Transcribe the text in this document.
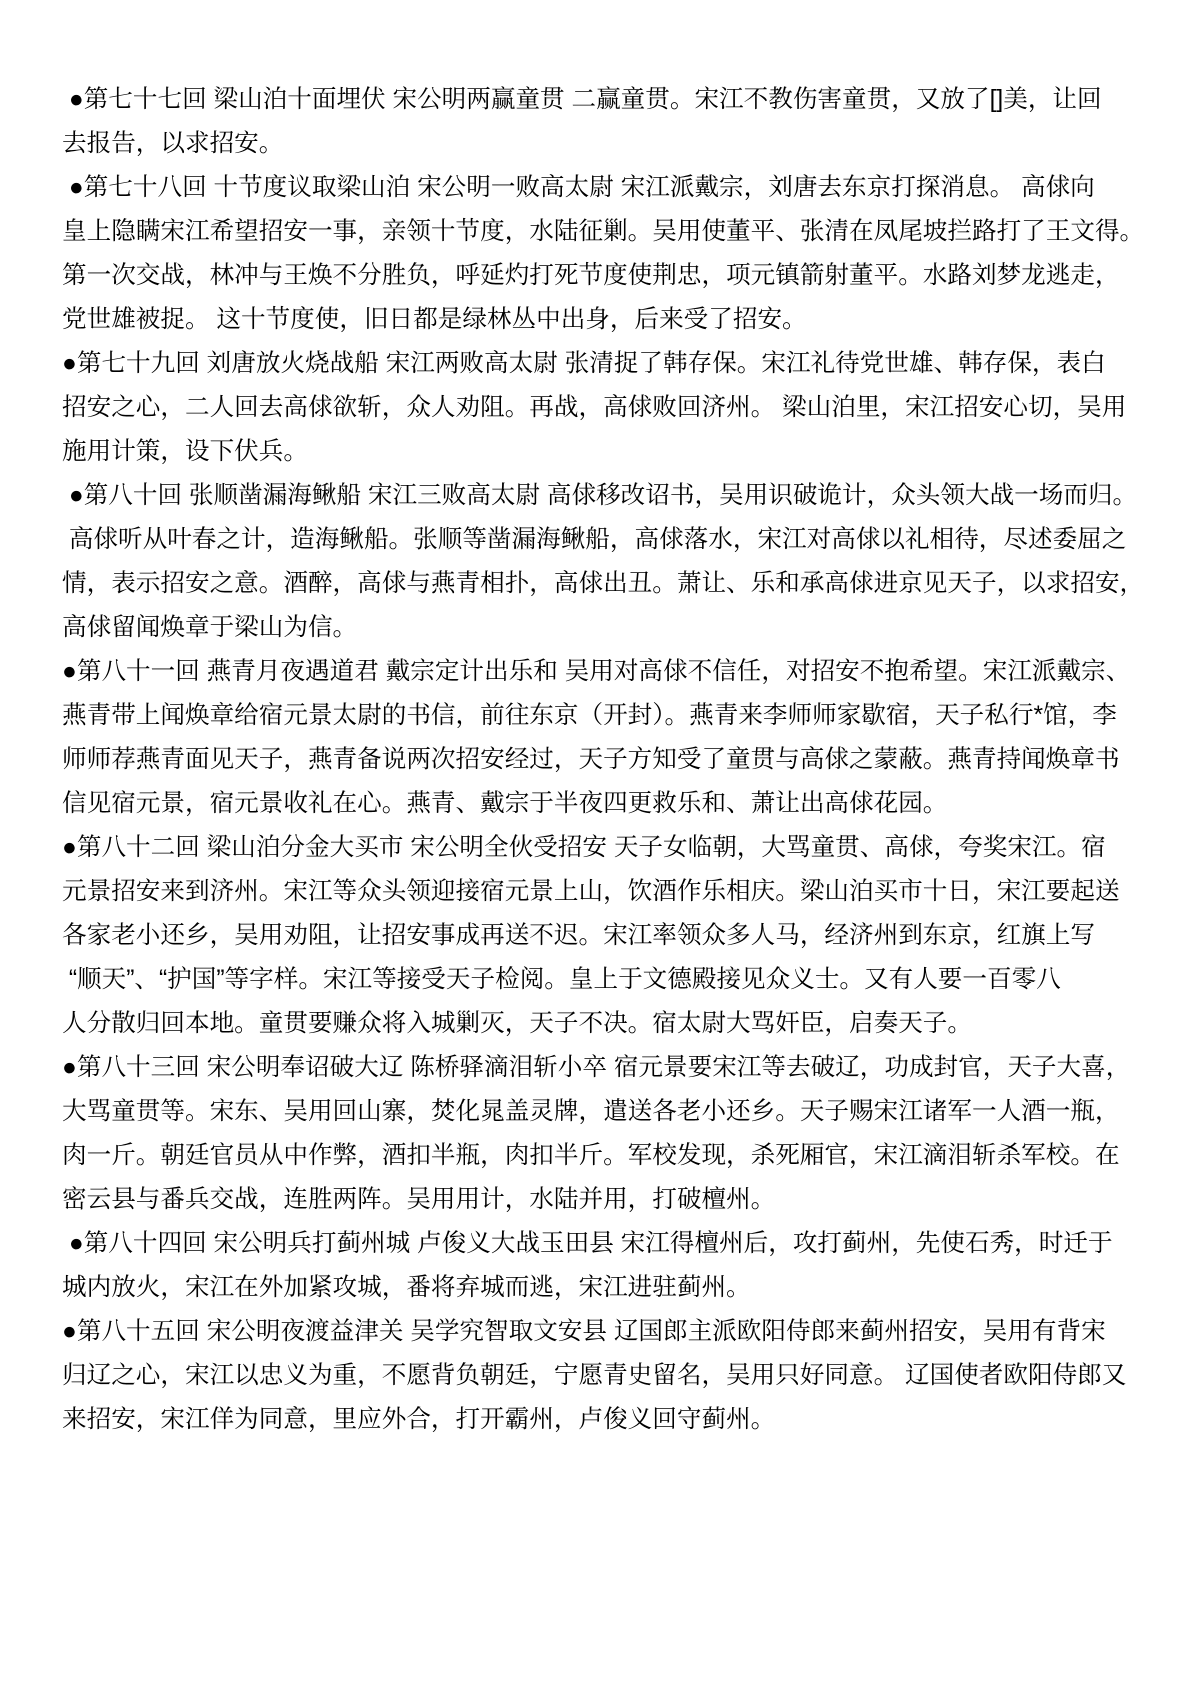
●第七十七回 梁山泊十面埋伏 宋公明两赢童贯 二赢童贯。宋江不教伤害童贯，又放了[]美，让回
去报告，以求招安。
●第七十八回 十节度议取梁山泊 宋公明一败高太尉 宋江派戴宗，刘唐去东京打探消息。 高俅向
皇上隐瞒宋江希望招安一事，亲领十节度，水陆征剿。吴用使董平、张清在凤尾坡拦路打了王文得。
第一次交战，林冲与王焕不分胜负，呼延灼打死节度使荆忠，项元镇箭射董平。水路刘梦龙逃走，
党世雄被捉。 这十节度使，旧日都是绿林丛中出身，后来受了招安。
●第七十九回 刘唐放火烧战船 宋江两败高太尉 张清捉了韩存保。宋江礼待党世雄、韩存保，表白
招安之心，二人回去高俅欲斩，众人劝阻。再战，高俅败回济州。 梁山泊里，宋江招安心切，吴用
施用计策，设下伏兵。
●第八十回 张顺凿漏海鳅船 宋江三败高太尉 高俅移改诏书，吴用识破诡计，众头领大战一场而归。
高俅听从叶春之计，造海鳅船。张顺等凿漏海鳅船，高俅落水，宋江对高俅以礼相待，尽述委屈之
情，表示招安之意。酒醉，高俅与燕青相扑，高俅出丑。萧让、乐和承高俅进京见天子，以求招安，
高俅留闻焕章于梁山为信。
●第八十一回 燕青月夜遇道君 戴宗定计出乐和 吴用对高俅不信任，对招安不抱希望。宋江派戴宗、
燕青带上闻焕章给宿元景太尉的书信，前往东京（开封）。燕青来李师师家歇宿，天子私行*馆，李
师师荐燕青面见天子，燕青备说两次招安经过，天子方知受了童贯与高俅之蒙蔽。燕青持闻焕章书
信见宿元景，宿元景收礼在心。燕青、戴宗于半夜四更救乐和、萧让出高俅花园。
●第八十二回 梁山泊分金大买市 宋公明全伙受招安 天子女临朝，大骂童贯、高俅，夸奖宋江。宿
元景招安来到济州。宋江等众头领迎接宿元景上山，饮酒作乐相庆。梁山泊买市十日，宋江要起送
各家老小还乡，吴用劝阻，让招安事成再送不迟。宋江率领众多人马，经济州到东京，红旗上写
“顺天”、“护国”等字样。宋江等接受天子检阅。皇上于文德殿接见众义士。又有人要一百零八
人分散归回本地。童贯要赚众将入城剿灭，天子不决。宿太尉大骂奸臣，启奏天子。
●第八十三回 宋公明奉诏破大辽 陈桥驿滴泪斩小卒 宿元景要宋江等去破辽，功成封官，天子大喜，
大骂童贯等。宋东、吴用回山寨，焚化晁盖灵牌，遣送各老小还乡。天子赐宋江诸军一人酒一瓶，
肉一斤。朝廷官员从中作弊，酒扣半瓶，肉扣半斤。军校发现，杀死厢官，宋江滴泪斩杀军校。在
密云县与番兵交战，连胜两阵。吴用用计，水陆并用，打破檀州。
●第八十四回 宋公明兵打蓟州城 卢俊义大战玉田县 宋江得檀州后，攻打蓟州，先使石秀，时迁于
城内放火，宋江在外加紧攻城，番将弃城而逃，宋江进驻蓟州。
●第八十五回 宋公明夜渡益津关 吴学究智取文安县 辽国郎主派欧阳侍郎来蓟州招安，吴用有背宋
归辽之心，宋江以忠义为重，不愿背负朝廷，宁愿青史留名，吴用只好同意。 辽国使者欧阳侍郎又
来招安，宋江佯为同意，里应外合，打开霸州，卢俊义回守蓟州。
